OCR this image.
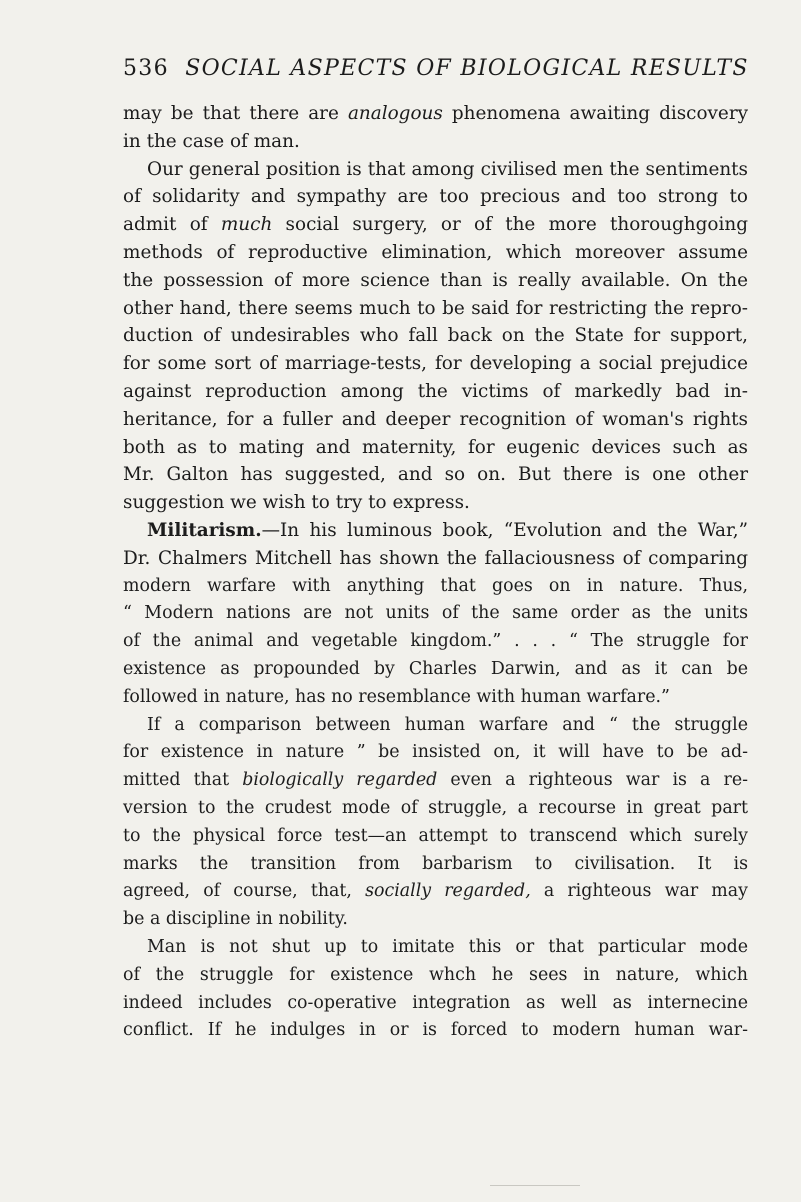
536 SOCIAL ASPECTS OF BIOLOGICAL RESULTS
may be that there are analogous phenomena awaiting discovery
in the case of man.
Our general position is that among civilised men the sentiments
of solidarity and sympathy are too precious and too strong to
admit of much social surgery, or of the more thoroughgoing
methods of reproductive elimination, which moreover assume
the possession of more science than is really available. On the
other hand, there seems much to be said for restricting the repro-
duction of undesirables who fall back on the State for support,
for some sort of marriage-tests, for developing a social prejudice
against reproduction among the victims of markedly bad in-
heritance, for a fuller and deeper recognition of woman's rights
both as to mating and maternity, for eugenic devices such as
Mr. Galton has suggested, and so on. But there is one other
suggestion we wish to try to express.
Militarism.—In his luminous book, “Evolution and the War,”
Dr. Chalmers Mitchell has shown the fallaciousness of comparing
modern warfare with anything that goes on in nature. Thus,
“ Modern nations are not units of the same order as the units
of the animal and vegetable kingdom.” . . . “ The struggle for
existence as propounded by Charles Darwin, and as it can be
followed in nature, has no resemblance with human warfare.”
If a comparison between human warfare and “ the struggle
for existence in nature ” be insisted on, it will have to be ad-
mitted that biologically regarded even a righteous war is a re-
version to the crudest mode of struggle, a recourse in great part
to the physical force test—an attempt to transcend which surely
marks the transition from barbarism to civilisation. It is
agreed, of course, that, socially regarded, a righteous war may
be a discipline in nobility.
Man is not shut up to imitate this or that particular mode
of the struggle for existence whch he sees in nature, which
indeed includes co-operative integration as well as internecine
conflict. If he indulges in or is forced to modern human war-
